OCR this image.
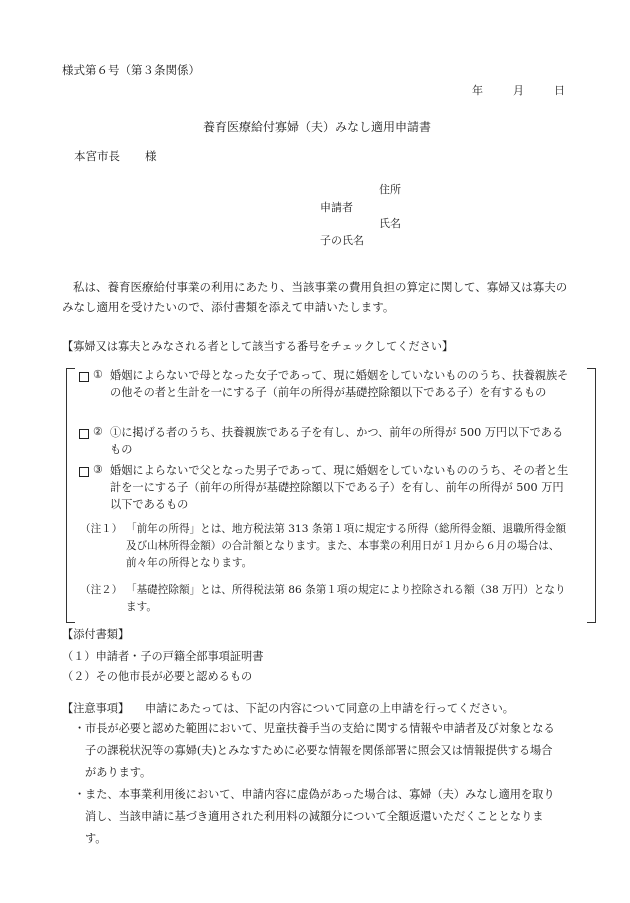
様式第６号（第３条関係）
年	月	日
養育医療給付寡婦（夫）みなし適用申請書
本宮市長 様
住所
申請者
氏名
子の氏名
私は、養育医療給付事業の利用にあたり、当該事業の費用負担の算定に関して、寡婦又は寡夫のみなし適用を受けたいので、添付書類を添えて申請いたします。
【寡婦又は寡夫とみなされる者として該当する番号をチェックしてください】
① 婚姻によらないで母となった女子であって、現に婚姻をしていないもののうち、扶養親族その他その者と生計を一にする子（前年の所得が基礎控除額以下である子）を有するもの
② ①に掲げる者のうち、扶養親族である子を有し、かつ、前年の所得が 500 万円以下であるもの
③ 婚姻によらないで父となった男子であって、現に婚姻をしていないもののうち、その者と生計を一にする子（前年の所得が基礎控除額以下である子）を有し、前年の所得が 500 万円以下であるもの
（注１） 「前年の所得」とは、地方税法第 313 条第１項に規定する所得（総所得金額、退職所得金額及び山林所得金額）の合計額となります。また、本事業の利用日が１月から６月の場合は、前々年の所得となります。
（注２） 「基礎控除額」とは、所得税法第 86 条第１項の規定により控除される額（38 万円）となります。
【添付書類】
（１）申請者・子の戸籍全部事項証明書
（２）その他市長が必要と認めるもの
【注意事項】 申請にあたっては、下記の内容について同意の上申請を行ってください。
・ 市長が必要と認めた範囲において、児童扶養手当の支給に関する情報や申請者及び対象となる子の課税状況等の寡婦(夫)とみなすために必要な情報を関係部署に照会又は情報提供する場合があります。
・ また、本事業利用後において、申請内容に虚偽があった場合は、寡婦（夫）みなし適用を取り消し、当該申請に基づき適用された利用料の減額分について全額返還いただくこととなります。
